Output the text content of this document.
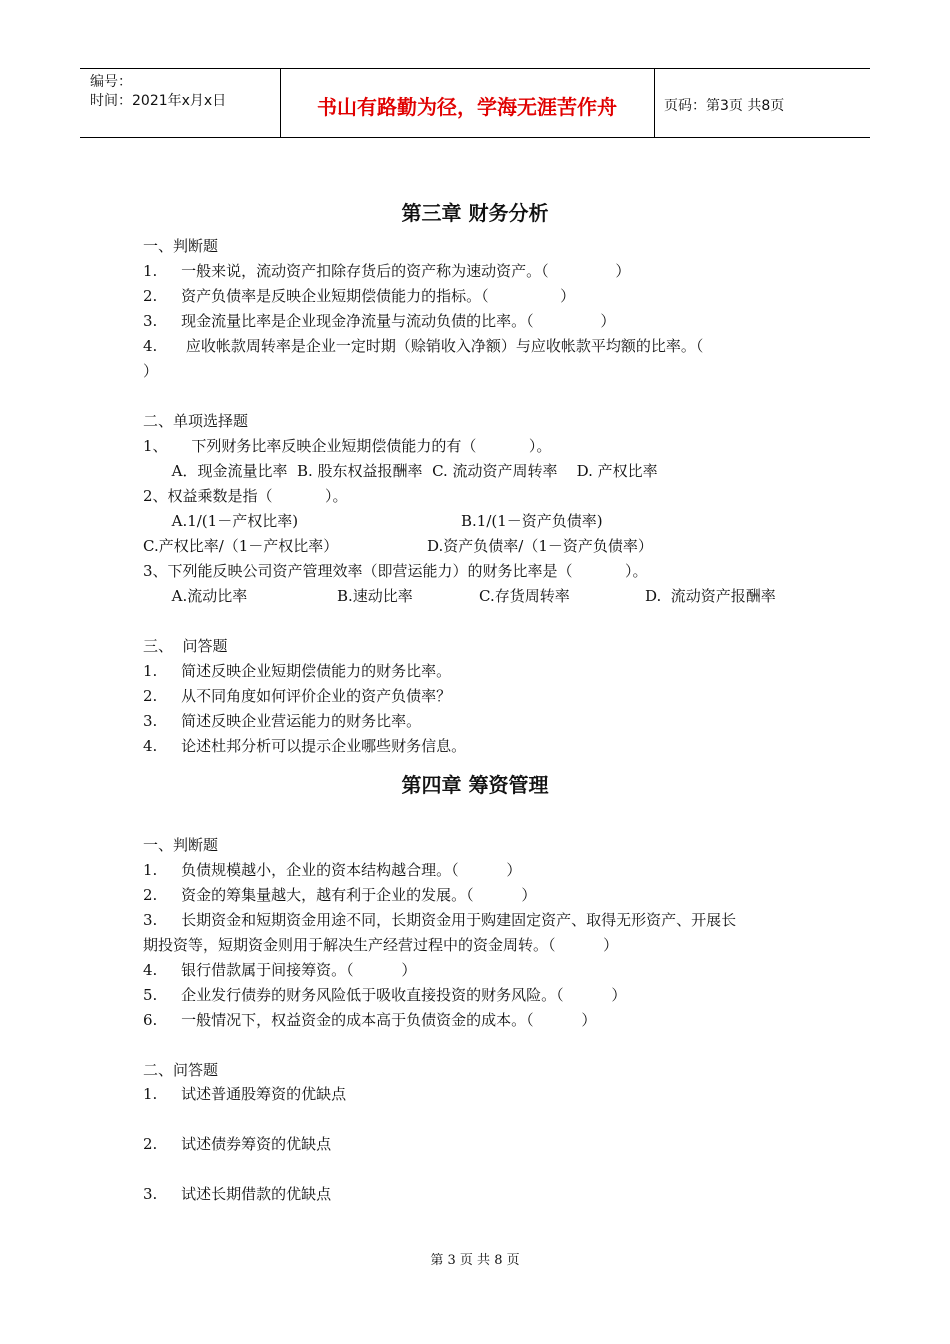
编号：
时间：2021年x月x日	书山有路勤为径，学海无涯苦作舟	页码：第3页 共8页
第三章 财务分析
一、判断题
1.     一般来说，流动资产扣除存货后的资产称为速动资产。（              ）
2.     资产负债率是反映企业短期偿债能力的指标。（               ）
3.     现金流量比率是企业现金净流量与流动负债的比率。（              ）
4.      应收帐款周转率是企业一定时期（赊销收入净额）与应收帐款平均额的比率。（
）
二、单项选择题
1、     下列财务比率反映企业短期偿债能力的有（           ）。
A．现金流量比率  B. 股东权益报酬率  C. 流动资产周转率    D. 产权比率
2、权益乘数是指（           ）。
A.1/(1－产权比率)	B.1/(1－资产负债率)
C.产权比率/（1－产权比率）	D.资产负债率/（1－资产负债率）
3、下列能反映公司资产管理效率（即营运能力）的财务比率是（           ）。
A.流动比率	B.速动比率	C.存货周转率	D.  流动资产报酬率
三、  问答题
1.     简述反映企业短期偿债能力的财务比率。
2.     从不同角度如何评价企业的资产负债率？
3.     简述反映企业营运能力的财务比率。
4.     论述杜邦分析可以提示企业哪些财务信息。
第四章 筹资管理
一、判断题
1.     负债规模越小，企业的资本结构越合理。（          ）
2.     资金的筹集量越大，越有利于企业的发展。（          ）
3.     长期资金和短期资金用途不同，长期资金用于购建固定资产、取得无形资产、开展长
期投资等，短期资金则用于解决生产经营过程中的资金周转。（          ）
4.     银行借款属于间接筹资。（          ）
5.     企业发行债券的财务风险低于吸收直接投资的财务风险。（          ）
6.     一般情况下，权益资金的成本高于负债资金的成本。（          ）
二、问答题
1.     试述普通股筹资的优缺点
2.     试述债券筹资的优缺点
3.     试述长期借款的优缺点
第 3 页 共 8 页
